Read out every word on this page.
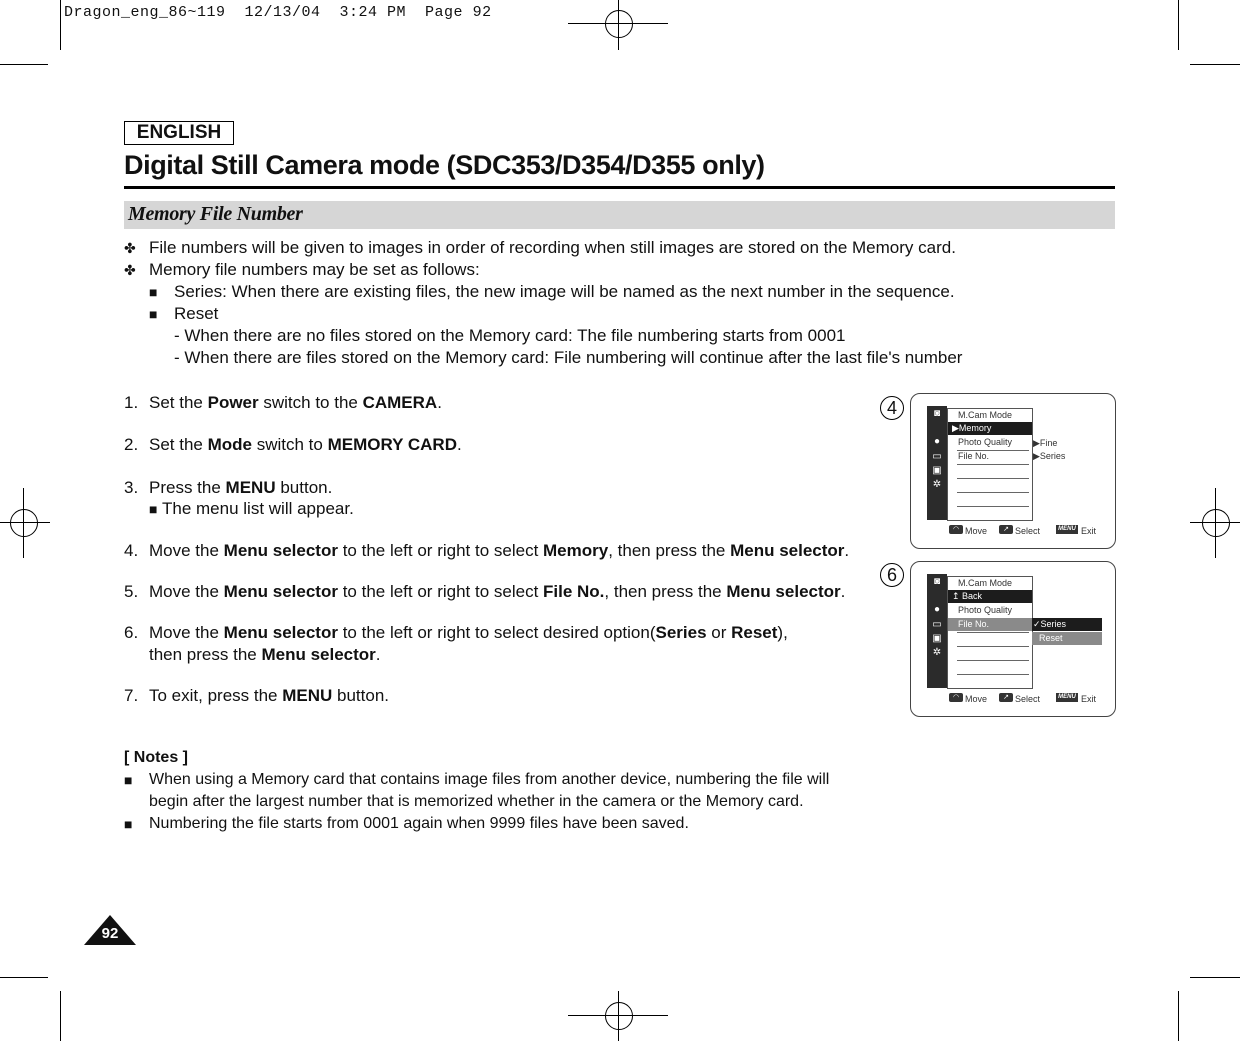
Dragon_eng_86~119  12/13/04  3:24 PM  Page 92
ENGLISH
Digital Still Camera mode (SDC353/D354/D355 only)
Memory File Number
✤ File numbers will be given to images in order of recording when still images are stored on the Memory card.
✤ Memory file numbers may be set as follows:
■ Series: When there are existing files, the new image will be named as the next number in the sequence.
■ Reset
- When there are no files stored on the Memory card: The file numbering starts from 0001
- When there are files stored on the Memory card: File numbering will continue after the last file's number
1. Set the Power switch to the CAMERA.
2. Set the Mode switch to MEMORY CARD.
3. Press the MENU button.
■ The menu list will appear.
4. Move the Menu selector to the left or right to select Memory, then press the Menu selector.
5. Move the Menu selector to the left or right to select File No., then press the Menu selector.
6. Move the Menu selector to the left or right to select desired option(Series or Reset),
then press the Menu selector.
7. To exit, press the MENU button.
[ Notes ]
■ When using a Memory card that contains image files from another device, numbering the file will
begin after the largest number that is memorized whether in the camera or the Memory card.
■ Numbering the file starts from 0001 again when 9999 files have been saved.
92
4	◙
●
▭
▣
✲
M.Cam Mode
▶Memory
Photo Quality
File No.
▶Fine
▶Series
◠ Move	↗ Select	MENU Exit
6	◙
●
▭
▣
✲
M.Cam Mode
↥ Back
Photo Quality
File No.	✓Series
Reset
◠ Move	↗ Select	MENU Exit
